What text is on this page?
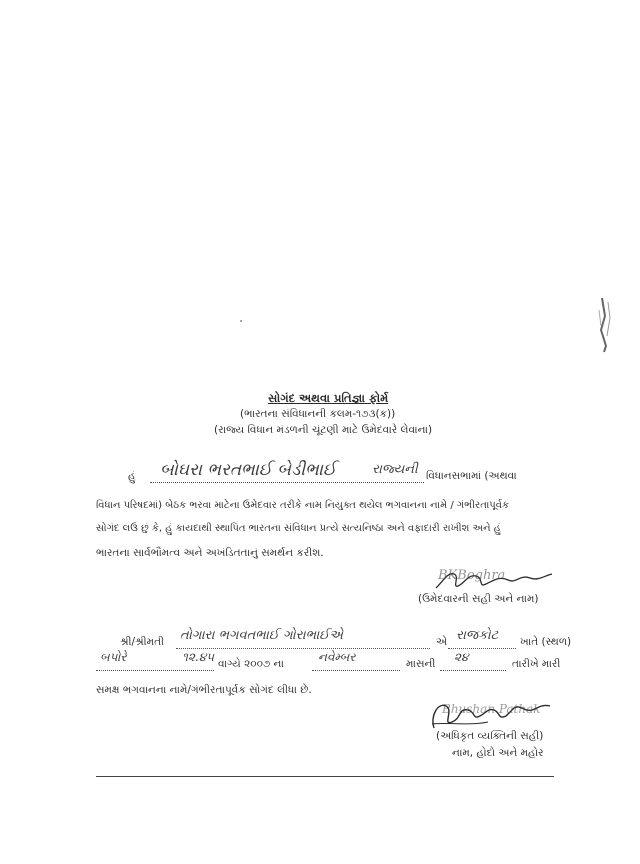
સોગંદ અથવા પ્રતિજ્ઞા ફોર્મ
(ભારતના સંવિધાનની કલમ-૧૭૩(ક))
(રાજ્ય વિધાન મંડળની ચૂંટણી માટે ઉમેદવારે લેવાના)
હું બોઘરા ભરતભાઈ બેડીભાઈ	રાજ્યની વિધાનસભામાં (અથવા
વિધાન પરિષદમાં) બેઠક ભરવા માટેના ઉમેદવાર તરીકે નામ નિયુક્ત થયેલ ભગવાનના નામે / ગંભીરતાપૂર્વક
સોગંદ લઉ છું કે, હું કાયદાથી સ્થાપિત ભારતના સંવિધાન પ્રત્યે સત્યનિષ્ઠા અને વફાદારી રાખીશ અને હું
ભારતના સાર્વભૌમત્વ અને અખંડિતતાનું સમર્થન કરીશ.
BKBoghra
(ઉમેદવારની સહી અને નામ)
શ્રી/શ્રીમતી તોગારા ભગવતભાઈ ગોરાભાઈએ	એ રાજકોટ ખાતે (સ્થળ)
બપોરે	૧૨.૪૫ વાગ્યે ૨૦૦૭ ના	નવેમ્બર	માસની ૨૪	તારીખે મારી
સમક્ષ ભગવાનના નામે/ગંભીરતાપૂર્વક સોગંદ લીધા છે.
Bhushan Pathak
(અધિકૃત વ્યક્તિની સહી)
નામ, હોદો અને મહોર
